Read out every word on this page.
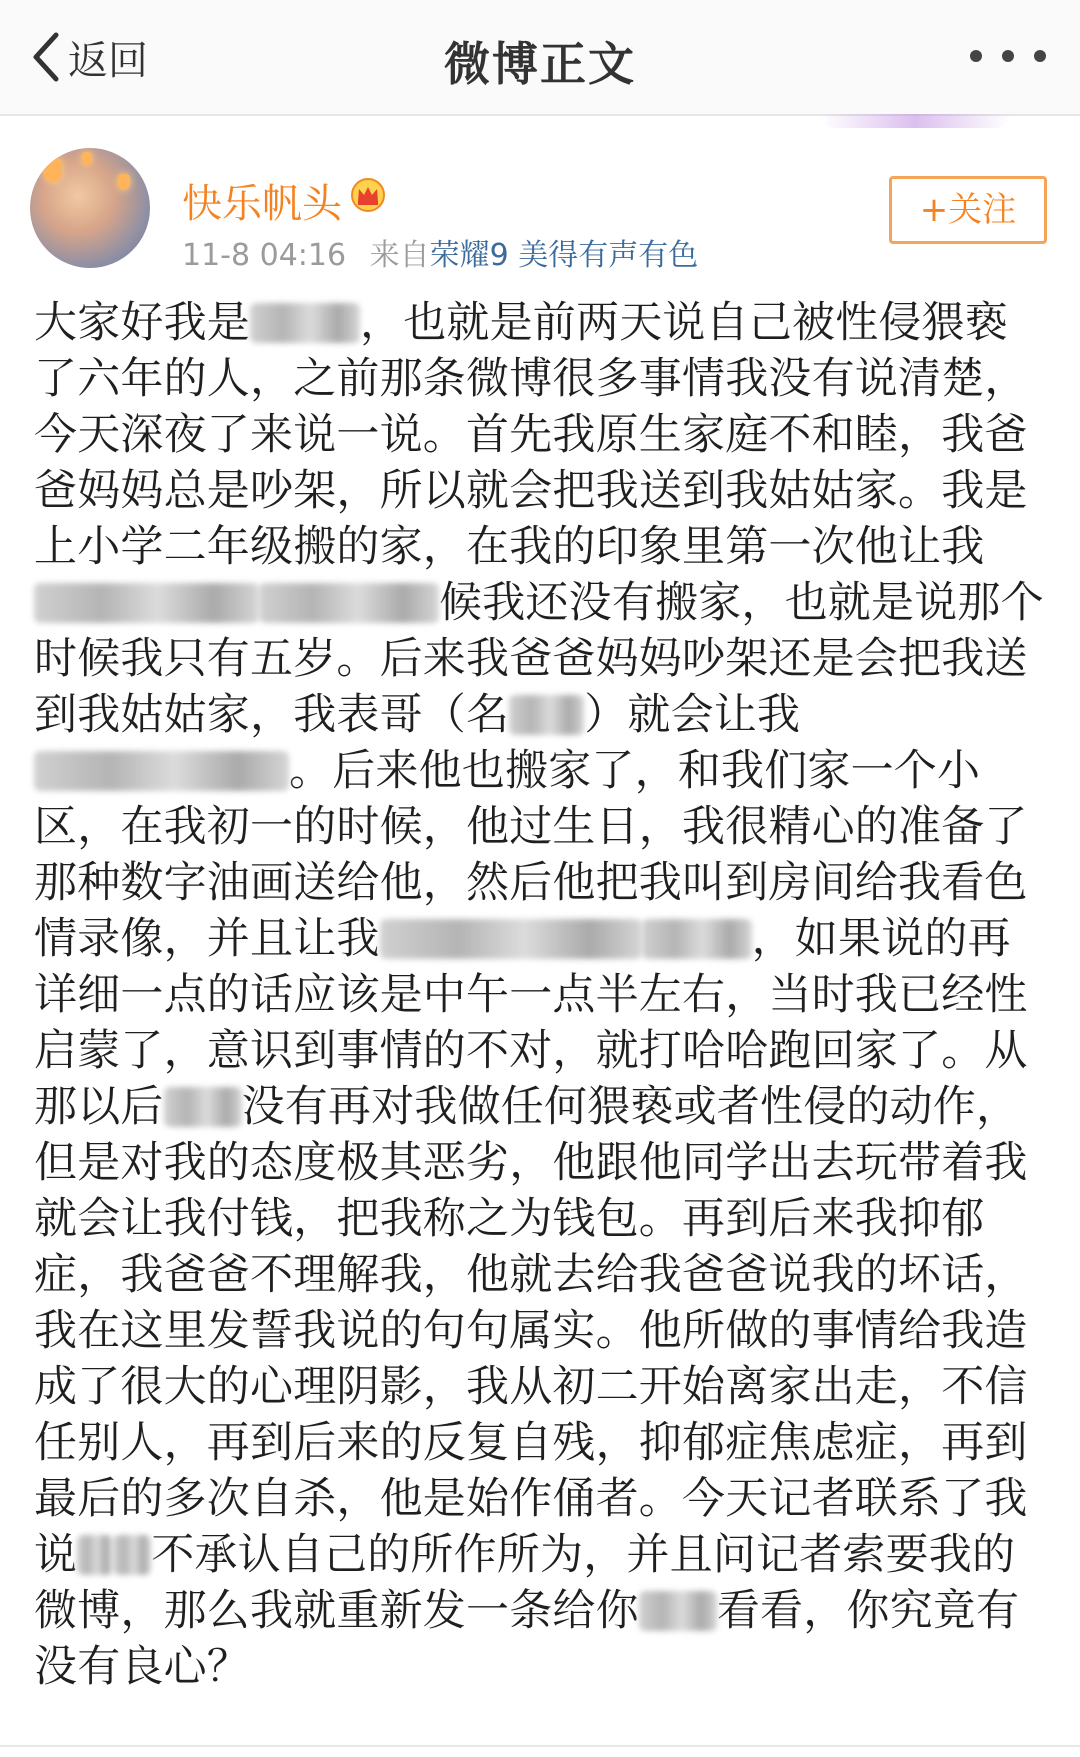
返回	微博正文
快乐帆头
11-8 04:16 来自荣耀9 美得有声有色
+关注

大家好我是	，也就是前两天说自己被性侵猥亵了六年的人，之前那条微博很多事情我没有说清楚，今天深夜了来说一说。首先我原生家庭不和睦，我爸爸妈妈总是吵架，所以就会把我送到我姑姑家。我是上小学二年级搬的家，在我的印象里第一次他让我候我还没有搬家，也就是说那个时候我只有五岁。后来我爸爸妈妈吵架还是会把我送到我姑姑家，我表哥（名 ）就会让我。后来他也搬家了，和我们家一个小区，在我初一的时候，他过生日，我很精心的准备了那种数字油画送给他，然后他把我叫到房间给我看色情录像，并且让我	，如果说的再详细一点的话应该是中午一点半左右，当时我已经性启蒙了，意识到事情的不对，就打哈哈跑回家了。从那以后 没有再对我做任何猥亵或者性侵的动作，但是对我的态度极其恶劣，他跟他同学出去玩带着我就会让我付钱，把我称之为钱包。再到后来我抑郁症，我爸爸不理解我，他就去给我爸爸说我的坏话，我在这里发誓我说的句句属实。他所做的事情给我造成了很大的心理阴影，我从初二开始离家出走，不信任别人，再到后来的反复自残，抑郁症焦虑症，再到最后的多次自杀，他是始作俑者。今天记者联系了我说 不承认自己的所作所为，并且问记者索要我的微博，那么我就重新发一条给你 看看，你究竟有没有良心？
